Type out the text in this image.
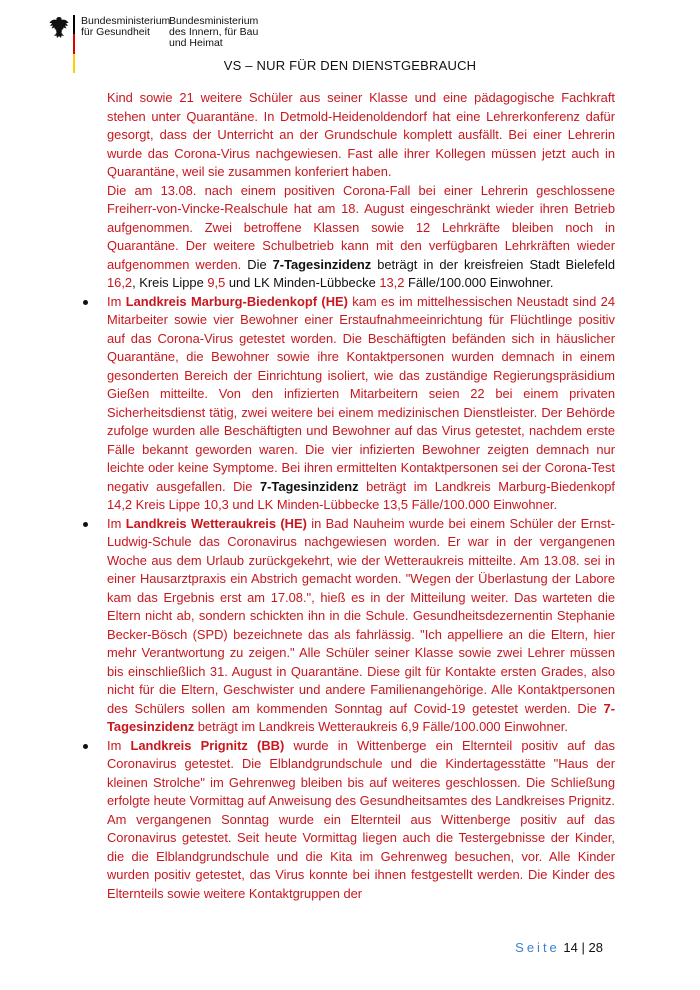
Bundesministerium
für Gesundheit
Bundesministerium
des Innern, für Bau
und Heimat
VS – NUR FÜR DEN DIENSTGEBRAUCH

Kind sowie 21 weitere Schüler aus seiner Klasse und eine pädagogische Fachkraft stehen unter Quarantäne. In Detmold-Heidenoldendorf hat eine Lehrerkonferenz dafür gesorgt, dass der Unterricht an der Grundschule komplett ausfällt. Bei einer Lehrerin wurde das Corona-Virus nachgewiesen. Fast alle ihrer Kollegen müssen jetzt auch in Quarantäne, weil sie zusammen konferiert haben.

Die am 13.08. nach einem positiven Corona-Fall bei einer Lehrerin geschlossene Freiherr-von-Vincke-Realschule hat am 18. August eingeschränkt wieder ihren Betrieb aufgenommen. Zwei betroffene Klassen sowie 12 Lehrkräfte bleiben noch in Quarantäne. Der weitere Schulbetrieb kann mit den verfügbaren Lehrkräften wieder aufgenommen werden. Die 7-Tagesinzidenz beträgt in der kreisfreien Stadt Bielefeld 16,2, Kreis Lippe 9,5 und LK Minden-Lübbecke 13,2 Fälle/100.000 Einwohner.

Im Landkreis Marburg-Biedenkopf (HE) kam es im mittelhessischen Neustadt sind 24 Mitarbeiter sowie vier Bewohner einer Erstaufnahmeeinrichtung für Flüchtlinge positiv auf das Corona-Virus getestet worden. Die Beschäftigten befänden sich in häuslicher Quarantäne, die Bewohner sowie ihre Kontaktpersonen wurden demnach in einem gesonderten Bereich der Einrichtung isoliert, wie das zuständige Regierungspräsidium Gießen mitteilte. Von den infizierten Mitarbeitern seien 22 bei einem privaten Sicherheitsdienst tätig, zwei weitere bei einem medizinischen Dienstleister. Der Behörde zufolge wurden alle Beschäftigten und Bewohner auf das Virus getestet, nachdem erste Fälle bekannt geworden waren. Die vier infizierten Bewohner zeigten demnach nur leichte oder keine Symptome. Bei ihren ermittelten Kontaktpersonen sei der Corona-Test negativ ausgefallen. Die 7-Tagesinzidenz beträgt im Landkreis Marburg-Biedenkopf 14,2 Kreis Lippe 10,3 und LK Minden-Lübbecke 13,5 Fälle/100.000 Einwohner.
Im Landkreis Wetteraukreis (HE) in Bad Nauheim wurde bei einem Schüler der Ernst-Ludwig-Schule das Coronavirus nachgewiesen worden. Er war in der vergangenen Woche aus dem Urlaub zurückgekehrt, wie der Wetteraukreis mitteilte. Am 13.08. sei in einer Hausarztpraxis ein Abstrich gemacht worden. "Wegen der Überlastung der Labore kam das Ergebnis erst am 17.08.", hieß es in der Mitteilung weiter. Das warteten die Eltern nicht ab, sondern schickten ihn in die Schule. Gesundheitsdezernentin Stephanie Becker-Bösch (SPD) bezeichnete das als fahrlässig. "Ich appelliere an die Eltern, hier mehr Verantwortung zu zeigen." Alle Schüler seiner Klasse sowie zwei Lehrer müssen bis einschließlich 31. August in Quarantäne. Diese gilt für Kontakte ersten Grades, also nicht für die Eltern, Geschwister und andere Familienangehörige. Alle Kontaktpersonen des Schülers sollen am kommenden Sonntag auf Covid-19 getestet werden. Die 7-Tagesinzidenz beträgt im Landkreis Wetteraukreis 6,9 Fälle/100.000 Einwohner.
Im Landkreis Prignitz (BB) wurde in Wittenberge ein Elternteil positiv auf das Coronavirus getestet. Die Elblandgrundschule und die Kindertagesstätte "Haus der kleinen Strolche" im Gehrenweg bleiben bis auf weiteres geschlossen. Die Schließung erfolgte heute Vormittag auf Anweisung des Gesundheitsamtes des Landkreises Prignitz. Am vergangenen Sonntag wurde ein Elternteil aus Wittenberge positiv auf das Coronavirus getestet. Seit heute Vormittag liegen auch die Testergebnisse der Kinder, die die Elblandgrundschule und die Kita im Gehrenweg besuchen, vor. Alle Kinder wurden positiv getestet, das Virus konnte bei ihnen festgestellt werden. Die Kinder des Elternteils sowie weitere Kontaktgruppen der
Seite 14 | 28
